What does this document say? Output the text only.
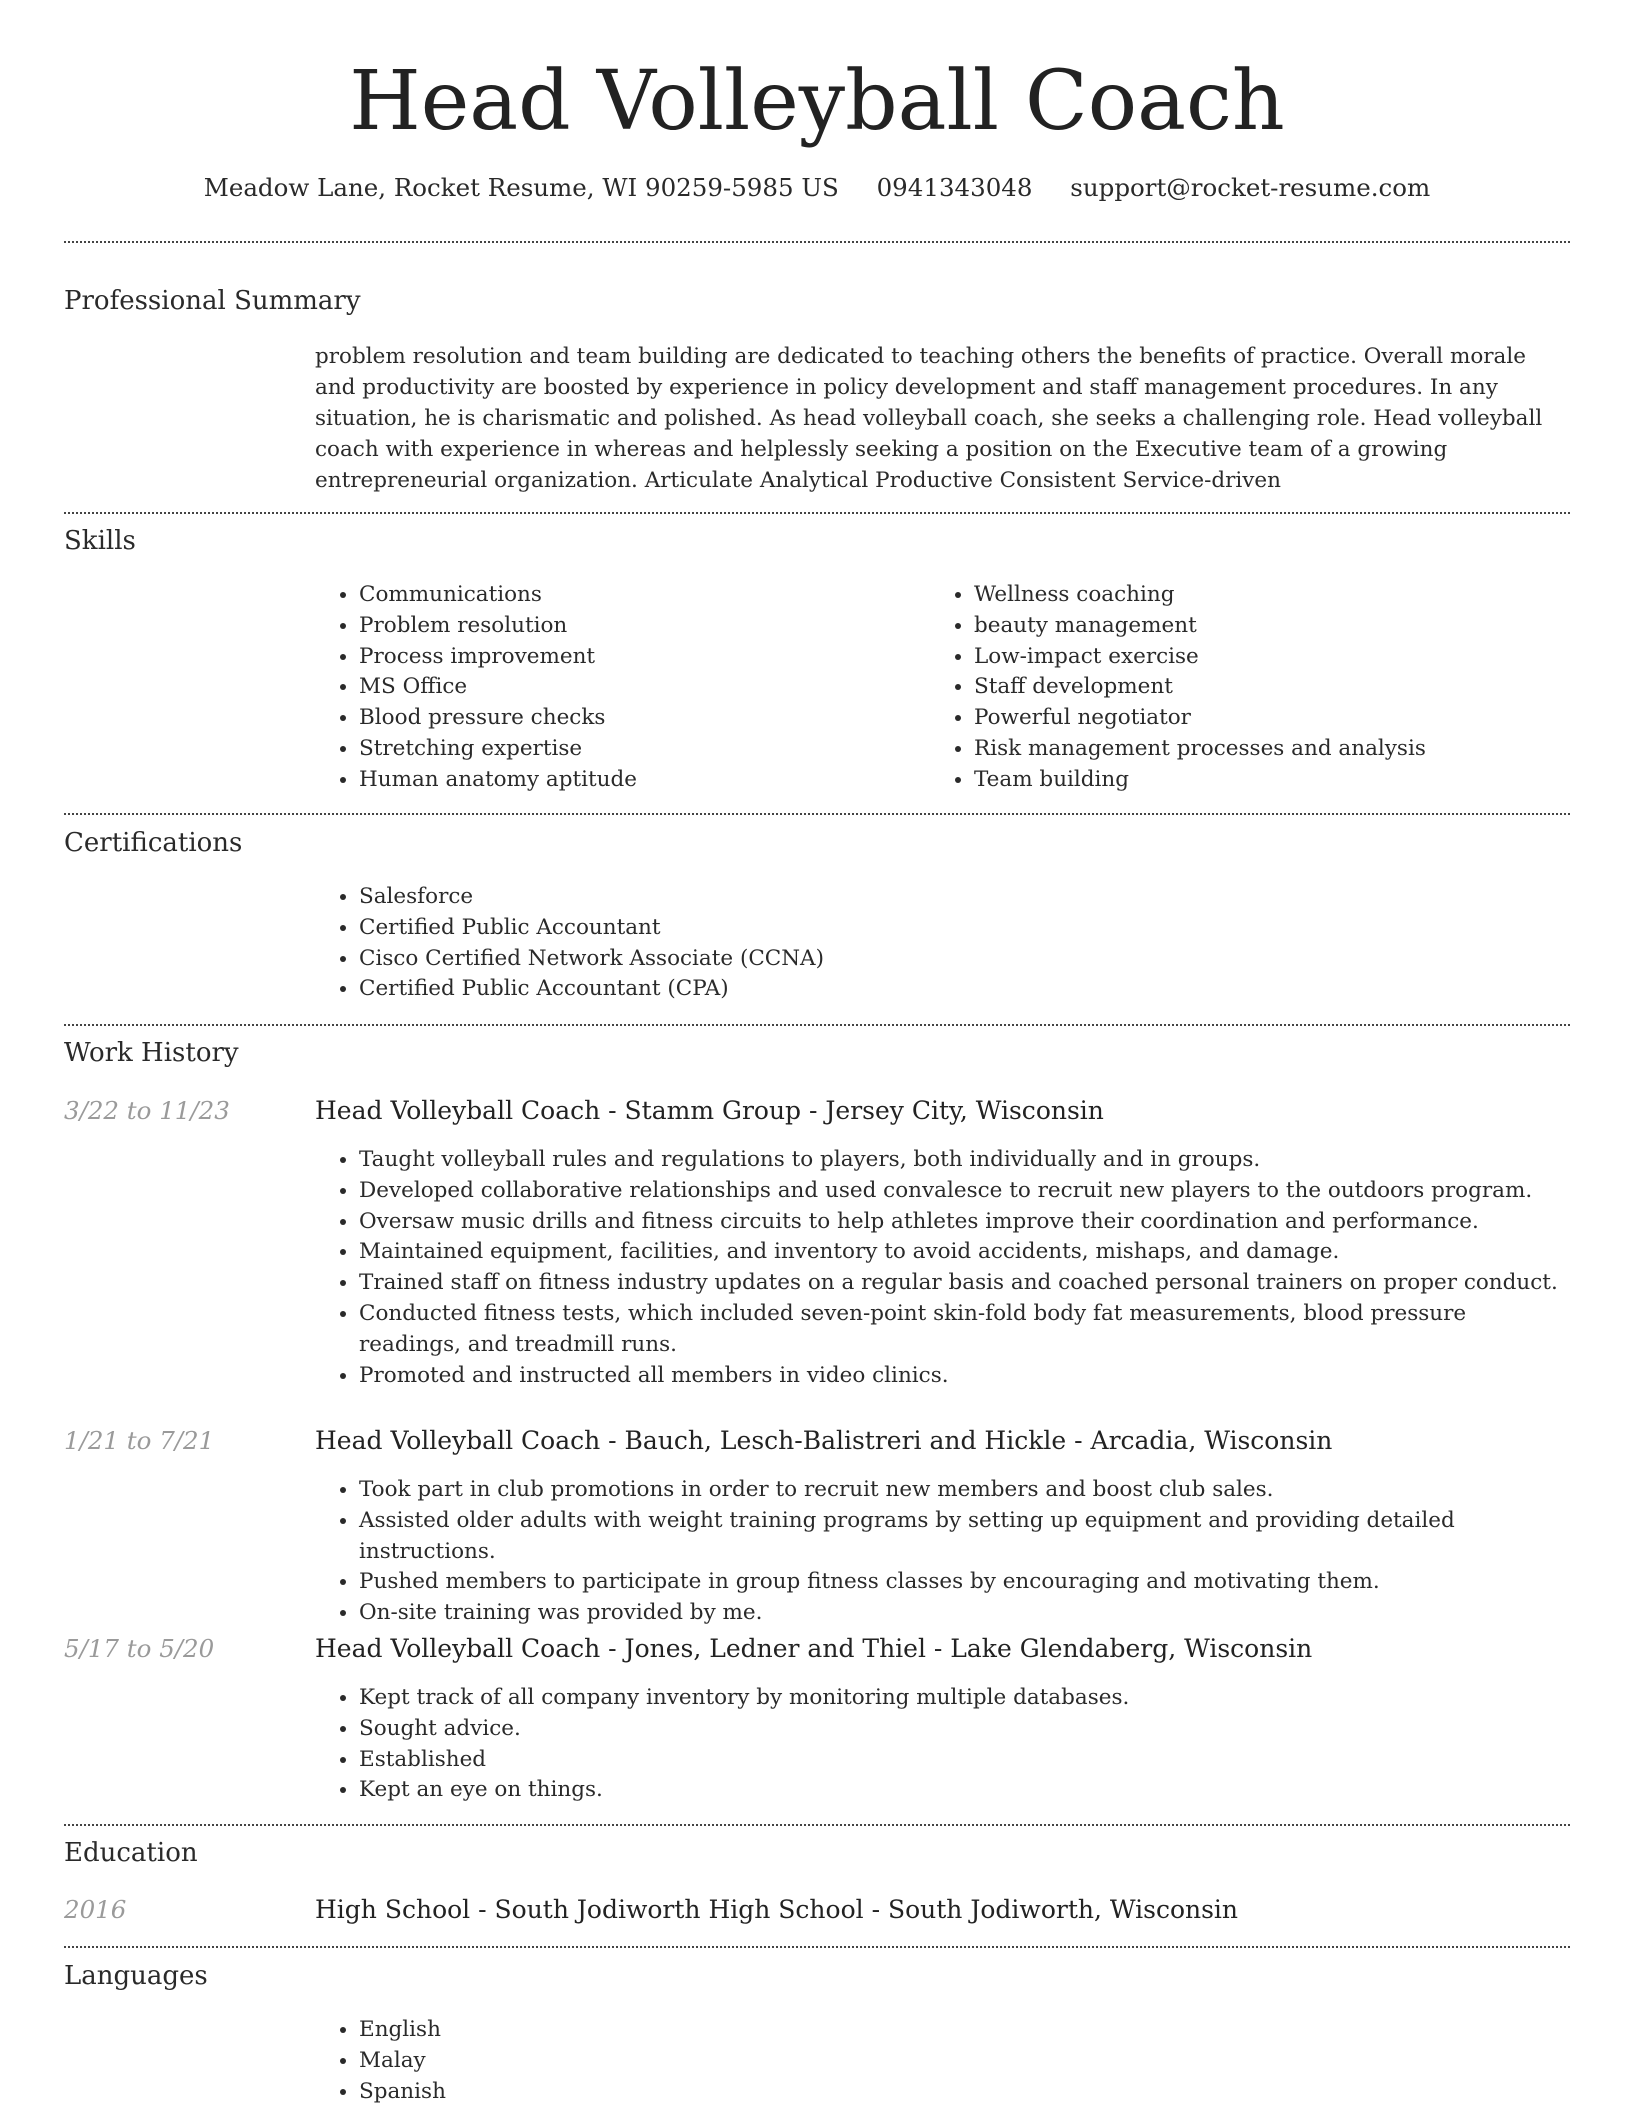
Head Volleyball Coach
Meadow Lane, Rocket Resume, WI 90259-5985 US 0941343048 support@rocket-resume.com
Professional Summary
problem resolution and team building are dedicated to teaching others the benefits of practice. Overall morale and productivity are boosted by experience in policy development and staff management procedures. In any situation, he is charismatic and polished. As head volleyball coach, she seeks a challenging role. Head volleyball coach with experience in whereas and helplessly seeking a position on the Executive team of a growing entrepreneurial organization. Articulate Analytical Productive Consistent Service-driven
Skills
• Communications
• Problem resolution
• Process improvement
• MS Office
• Blood pressure checks
• Stretching expertise
• Human anatomy aptitude
• Wellness coaching
• beauty management
• Low-impact exercise
• Staff development
• Powerful negotiator
• Risk management processes and analysis
• Team building
Certifications
• Salesforce
• Certified Public Accountant
• Cisco Certified Network Associate (CCNA)
• Certified Public Accountant (CPA)
Work History
3/22 to 11/23	Head Volleyball Coach - Stamm Group - Jersey City, Wisconsin
• Taught volleyball rules and regulations to players, both individually and in groups.
• Developed collaborative relationships and used convalesce to recruit new players to the outdoors program.
• Oversaw music drills and fitness circuits to help athletes improve their coordination and performance.
• Maintained equipment, facilities, and inventory to avoid accidents, mishaps, and damage.
• Trained staff on fitness industry updates on a regular basis and coached personal trainers on proper conduct.
• Conducted fitness tests, which included seven-point skin-fold body fat measurements, blood pressure readings, and treadmill runs.
• Promoted and instructed all members in video clinics.
1/21 to 7/21	Head Volleyball Coach - Bauch, Lesch-Balistreri and Hickle - Arcadia, Wisconsin
• Took part in club promotions in order to recruit new members and boost club sales.
• Assisted older adults with weight training programs by setting up equipment and providing detailed instructions.
• Pushed members to participate in group fitness classes by encouraging and motivating them.
• On-site training was provided by me.
5/17 to 5/20	Head Volleyball Coach - Jones, Ledner and Thiel - Lake Glendaberg, Wisconsin
• Kept track of all company inventory by monitoring multiple databases.
• Sought advice.
• Established
• Kept an eye on things.
Education
2016	High School - South Jodiworth High School - South Jodiworth, Wisconsin
Languages
• English
• Malay
• Spanish
